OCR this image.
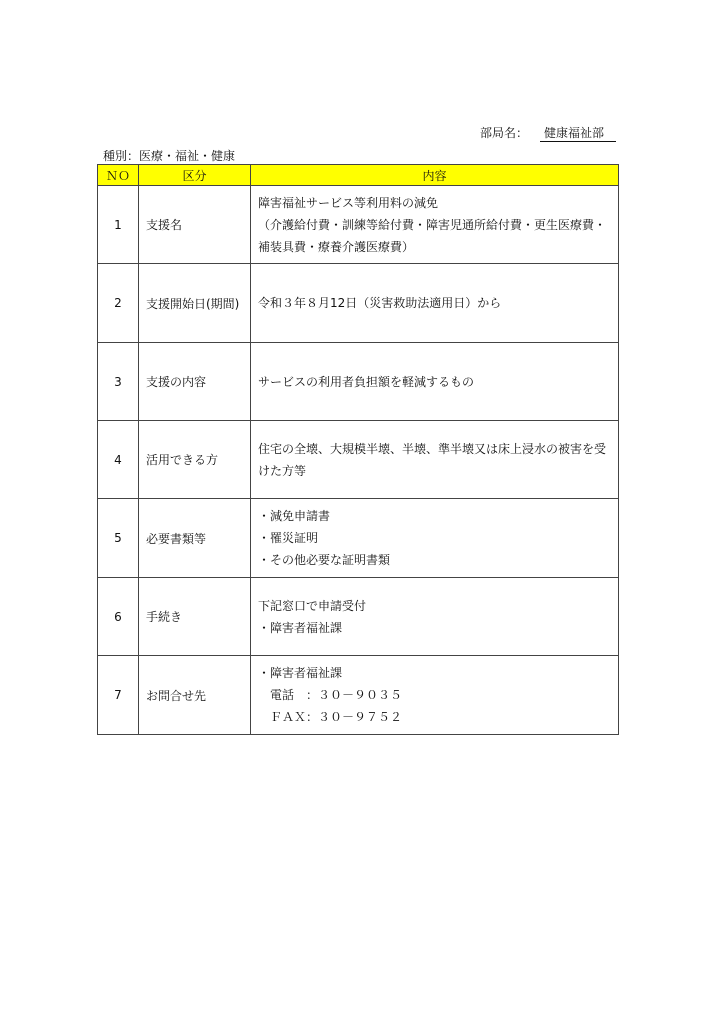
部局名： 健康福祉部
種別：医療・福祉・健康
ＮＯ	区分	内容
1	支援名	障害福祉サービス等利用料の減免
（介護給付費・訓練等給付費・障害児通所給付費・更生医療費・
補装具費・療養介護医療費）

2	支援開始日(期間)	令和３年８月12日（災害救助法適用日）から

3	支援の内容	サービスの利用者負担額を軽減するもの

4	活用できる方	住宅の全壊、大規模半壊、半壊、準半壊又は床上浸水の被害を受
けた方等

5	必要書類等	・減免申請書
・罹災証明
・その他必要な証明書類

6	手続き	下記窓口で申請受付
・障害者福祉課

7	お問合せ先	・障害者福祉課
　電話　：３０－９０３５
　ＦＡＸ：３０－９７５２
